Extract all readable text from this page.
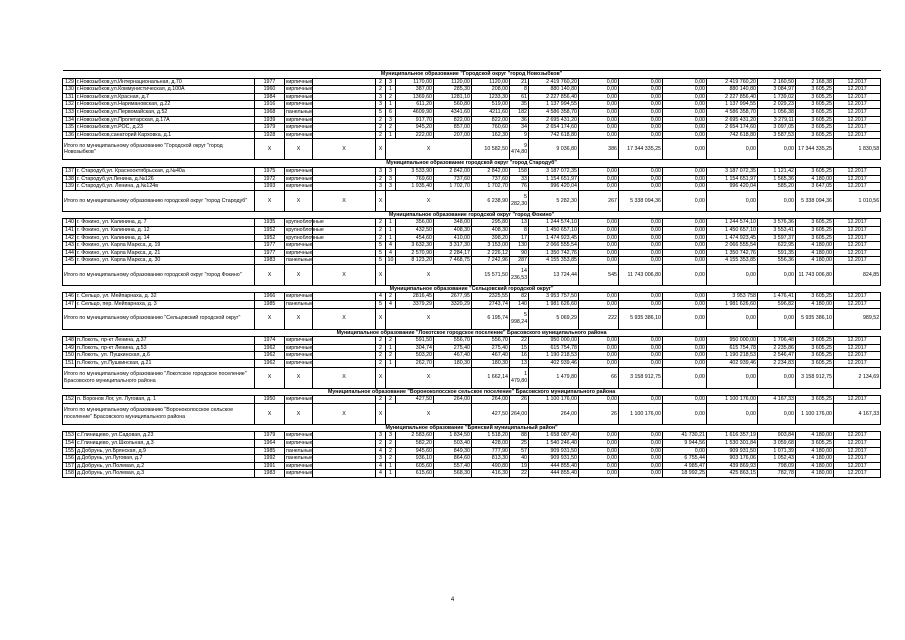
Муниципальное образование "Городской округ "город Новозыбков"																			
129	г.Новозыбков,ул.Интернациональная, д.70	1977	кирпичные		2	3	1170,00	1120,00	1120,00	21	2 419 760,20	0,00	0,00	0,00	2 419 760,20	2 160,50	2 168,38	12.2017	
130	г.Новозыбков,ул.Коммунистическая, д.100А	1960	кирпичные		2	1	387,00	285,30	208,00	8	880 140,80	0,00	0,00	0,00	880 140,80	3 084,97	3 605,25	12.2017	
131	г.Новозыбков,ул.Красная, д.7	1984	кирпичные		3	2	1369,60	1281,10	1233,30	61	2 227 856,40	0,00	0,00	0,00	2 227 856,40	1 739,02	3 605,25	12.2017	
132	г.Новозыбков,ул.Наримановская, д.22	1916	кирпичные		3	1	611,20	560,80	519,00	35	1 137 994,55	0,00	0,00	0,00	1 137 994,55	2 029,23	3 605,25	12.2017	
133	г.Новозыбков,ул.Первомайская, д.52	1968	панельные		5	6	4609,90	4341,60	4211,60	182	4 586 358,70	0,00	0,00	0,00	4 586 358,70	1 056,38	3 605,25	12.2017	
134	г.Новозыбков,ул.Пролетарская, д.17А	1939	кирпичные		2	3	917,70	822,00	822,00	36	2 695 431,20	0,00	0,00	0,00	2 695 431,20	3 279,11	3 605,25	12.2017	
135	г.Новозыбков,ул.РОС, д.23	1979	кирпичные		2	2	945,20	857,00	760,60	34	2 654 174,60	0,00	0,00	0,00	2 654 174,60	3 097,05	3 605,25	12.2017	
136	г.Новозыбков,санаторий Карховка, д.1	1928	кирпичные		2	1	222,00	207,00	162,30	9	742 618,80	0,00	0,00	0,00	742 618,80	3 587,53	3 605,25	12.2017	
Итого по муниципальному образованию "Городской округ "город Новозыбков"		X	X	X	X	X			10 582,50	9 474,80	9 036,80	386	17 344 335,25	0,00	0,00	0,00	17 344 335,25	1 830,58		
Муниципальное образование городской округ "город Стародуб"																			
137	г. Стародуб,ул. Краснооктябрьская, д.№40а	1975	кирпичные		3	3	3 533,90	2 842,00	2 842,00	158	3 187 072,35	0,00	0,00	0,00	3 187 072,35	1 121,42	3 605,25	12.2017	
138	г. Стародуб,ул.Ленина, д.№126	1972	кирпичные		2	3	769,60	737,60	737,60	33	1 154 651,97	0,00	0,00	0,00	1 154 651,97	1 565,36	4 180,00	12.2017	
139	г. Стародуб,ул. Ленина, д.№124в	1993	кирпичные		3	3	1 935,40	1 702,70	1 702,70	76	996 420,04	0,00	0,00	0,00	996 420,04	585,20	3 647,05	12.2017	
Итого по муниципальному образованию городской округ "город Стародуб"		X	X	X	X	X			6 238,90	5 282,30	5 282,30	267	5 338 094,36	0,00	0,00	0,00	5 338 094,36	1 010,56		
Муниципальное образование городской округ "город Фокино"																			
140	г. Фокино, ул. Калинина, д. 7	1935	крупноблочные		2	1	356,00	348,00	295,80	13	1 244 574,10	0,00	0,00	0,00	1 244 574,10	3 576,36	3 605,25	12.2017	
141	г. Фокино, ул. Калинина, д. 12	1952	крупноблочные		2	1	432,50	408,30	408,30	8	1 450 657,10	0,00	0,00	0,00	1 450 657,10	3 553,41	3 605,25	12.2017	
142	г. Фокино, ул. Калинина, д. 14	1952	крупноблочные		2	1	454,60	410,00	398,20	17	1 474 923,45	0,00	0,00	0,00	1 474 923,45	3 597,37	3 605,25	12.2017	
143	г. Фокино, ул. Карла Маркса, д. 19	1977	кирпичные		5	4	3 632,30	3 317,30	3 153,00	130	2 066 555,54	0,00	0,00	0,00	2 066 555,54	622,95	4 180,00	12.2017	
144	г. Фокино, ул. Карла Маркса, д. 21	1977	кирпичные		5	4	2 570,90	2 284,17	2 226,12	90	1 350 742,76	0,00	0,00	0,00	1 350 742,76	591,35	4 180,00	12.2017	
145	г. Фокино, ул. Карла Маркса, д. 30	1983	панельные		5	10	8 123,20	7 468,75	7 242,96	287	4 155 353,85	0,00	0,00	0,00	4 155 353,85	556,36	4 180,00	12.2017	
Итого по муниципальному образованию городской округ "город Фокино"		X	X	X	X	X			15 571,50	14 236,53	13 724,44	545	11 743 006,80	0,00	0,00	0,00	11 743 006,80	824,85		
Муниципальное образование "Сельцовский городской округ"																			
146	г. Сельцо, ул. Мейпарнаха, д. 32	1966	кирпичные		4	2	2816,45	2677,95	2325,55	82	3 953 757,50	0,00	0,00	0,00	3 953 758	1 476,41	3 605,25	12.2017	
147	г. Сельцо, пер. Мейпарнаха, д. 3	1985	панельные		5	4	3379,29	3320,29	2743,74	140	1 981 626,60	0,00	0,00	0,00	1 981 626,60	596,82	4 180,00	12.2017	
Итого по муниципальному образованию "Сельцовский городской округ"		X	X	X	X	X			6 195,74	5 998,24	5 069,29	222	5 935 386,10	0,00	0,00	0,00	5 935 386,10	989,52		
Муниципальное образование "Локотское городское поселение" Брасовского муниципального района																			
148	п.Локоть, пр-кт Ленина, д.37	1974	кирпичные		2	2	591,50	556,70	556,70	22	950 000,00	0,00	0,00	0,00	950 000,00	1 706,48	3 605,25	12.2017	
149	п.Локоть, пр-кт Ленина, д.53	1962	кирпичные		2	1	304,74	275,40	275,40	15	615 754,78	0,00	0,00	0,00	615 754,78	2 235,86	3 605,25	12.2017	
150	п.Локоть, ул. Пушкинская, д.6	1962	кирпичные		2	2	503,20	467,40	467,40	16	1 190 218,53	0,00	0,00	0,00	1 190 218,53	2 546,47	3 605,25	12.2017	
151	п.Локоть, ул.Пушкинская, д.21	1962	кирпичные		2	1	262,70	180,30	180,30	13	402 939,46	0,00	0,00	0,00	402 939,46	2 234,83	3 605,25	12.2017	
Итого по муниципальному образованию "Локотское городское поселение" Брасовского муниципального района		X	X	X	X	X			1 662,14	1 479,80	1 479,80	66	3 158 912,75	0,00	0,00	0,00	3 158 912,75	2 134,69		
Муниципальное образование "Вороноколосское сельское поселение" Брасовского муниципального района																			
152	п. Воронов Лог, ул. Луговая, д. 1	1950	кирпичные		2	2	427,50	264,00	264,00	26	1 100 176,00	0,00	0,00	0,00	1 100 176,00	4 167,33	3 605,25	12.2017	
Итого по муниципальному образованию "Вороноколосское сельское поселение" Брасовского муниципального района		X	X	X	X	X			427,50	264,00	264,00	26	1 100 176,00	0,00	0,00	0,00	1 100 176,00	4 167,33		
Муниципальное образование "Брянский муниципальный район"																			
153	с.Глинищево, ул.Садовая, д.23	1979	кирпичные		3	3	2 583,60	1 834,50	1 518,20	88	1 658 087,40	0,00	0,00	41 730,21	1 616 357,19	903,84	4 180,00	12.2017	
154	с.Глинищево, ул.Школьная, д.3	1964	кирпичные		2	2	582,20	503,40	428,00	25	1 540 246,40	0,00	0,00	9 944,56	1 530 301,84	3 059,68	3 605,25	12.2017	
155	д.Добрунь, ул.Брянская, д.9	1985	панельные		4	2	945,60	849,30	777,90	57	909 931,50	0,00	0,00	0,00	909 931,50	1 071,39	4 180,00	12.2017	
156	д.Добрунь, ул.Луговая, д.7	1992	панельные		3	2	936,10	864,60	813,30	40	909 931,50	0,00	0,00	6 755,44	903 176,06	1 052,43	4 180,00	12.2017	
157	д.Добрунь, ул.Полевая, д.2	1991	кирпичные		4	1	605,60	557,40	490,80	19	444 855,40	0,00	0,00	4 985,47	439 869,93	798,09	4 180,00	12.2017	
158	д.Добрунь, ул.Полевая, д.3	1983	кирпичные		4	1	615,60	568,30	416,30	22	444 855,40	0,00	0,00	18 992,25	425 863,15	782,78	4 180,00	12.2017	
4
